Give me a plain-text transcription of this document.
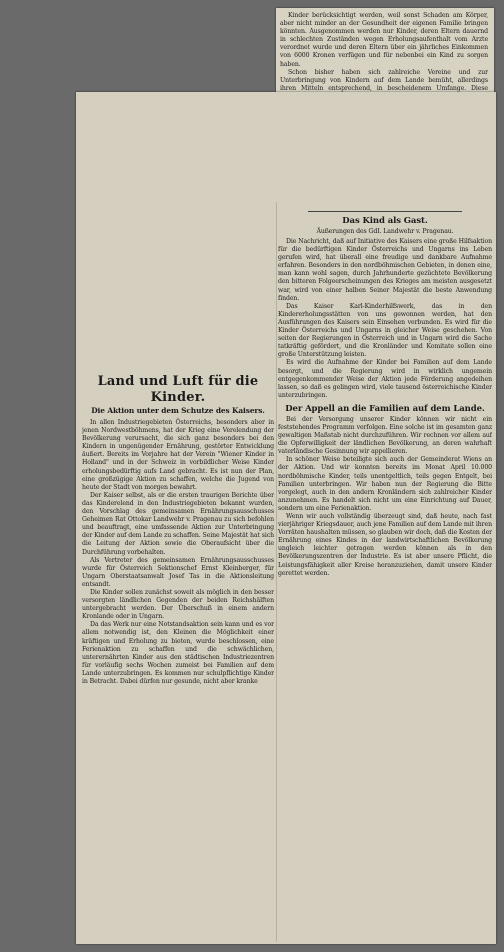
Kinder berücksichtigt werden, weil sonst Schaden am Körper, aber nicht minder an der Gesundheit der eigenen Familie bringen könnten. Ausgenommen werden nur Kinder, deren Eltern dauernd in schlechten Zuständen wegen Erholungsaufenthalt vom Arzte verordnet wurde und deren Eltern über ein jährliches Einkommen von 6000 Kronen verfügen und für nebenbei ein Kind zu sorgen haben.

Schon bisher haben sich zahlreiche Vereine und zur Unterbringung von Kindern auf dem Lande bemüht, allerdings ihren Mitteln entsprechend, in bescheidenem Umfange. Diese

Land und Luft für die Kinder.
Die Aktion unter dem Schutze des Kaisers.

In allen Industriegebieten Österreichs, besonders aber in jenen Nordwestböhmens, hat der Krieg eine Verelendung der Bevölkerung verursacht, die sich ganz besonders bei den Kindern in ungenügender Ernährung, gestörter Entwicklung äußert. Bereits im Vorjahre hat der Verein "Wiener Kinder in Holland" und in der Schweiz in vorbildlicher Weise Kinder erholungsbedürftig aufs Land gebracht. Es ist nun der Plan, eine großzügige Aktion zu schaffen, welche die Jugend von heute der Stadt von morgen bewahrt.

Der Kaiser selbst, als er die ersten traurigen Berichte über das Kinderelend in den Industriegebieten bekannt wurden, den Vorschlag des gemeinsamen Ernährungsausschusses Geheimen Rat Ottokar Landwehr v. Pragenau zu sich befohlen und beauftragt, eine umfassende Aktion zur Unterbringung der Kinder auf dem Lande zu schaffen. Seine Majestät hat sich die Leitung der Aktion sowie die Oberaufsicht über die Durchführung vorbehalten.

Als Vertreter des gemeinsamen Ernährungsausschusses wurde für Österreich Sektionschef Ernst Kleinberger, für Ungarn Oberstaatsanwalt Josef Tas in die Aktionsleitung entsandt.

Die Kinder sollen zunächst soweit als möglich in den besser versorgten ländlichen Gegenden der beiden Reichshälften untergebracht werden. Der Überschuß in einem andern Kronlande oder in Ungarn.

Da das Werk nur eine Notstandsaktion sein kann und es vor allem notwendig ist, den Kleinen die Möglichkeit einer kräftigen und Erholung zu bieten, wurde beschlossen, eine Ferienaktion zu schaffen und die schwächlichen, unterernährten Kinder aus den städtischen Industriezentren für vorläufig sechs Wochen zumeist bei Familien auf dem Lande unterzubringen. Es kommen nur schulpflichtige Kinder in Betracht. Dabei dürfen nur gesunde, nicht aber kranke

Das Kind als Gast.
Äußerungen des GdI. Landwehr v. Pragenau.

Die Nachricht, daß auf Initiative des Kaisers eine große Hilfsaktion für die bedürftigen Kinder Österreichs und Ungarns ins Leben gerufen wird, hat überall eine freudige und dankbare Aufnahme erfahren. Besonders in den nordböhmischen Gebieten, in denen eine, man kann wohl sagen, durch Jahrhunderte gezüchtete Bevölkerung den bitteren Folgeerscheinungen des Krieges am meisten ausgesetzt war, wird von einer halben Seiner Majestät die beste Anwendung finden.

Das Kaiser Karl-Kinderhilfswerk, das in den Kindererholungsstätten von uns gewonnen werden, hat den Ausführungen des Kaisers sein Einsehen verbunden. Es wird für die Kinder Österreichs und Ungarns in gleicher Weise geschehen. Von seiten der Regierungen in Österreich und in Ungarn wird die Sache tatkräftig gefördert, und die Kronländer und Komitate sollen eine große Unterstützung leisten.

Es wird die Aufnahme der Kinder bei Familien auf dem Lande besorgt, und die Regierung wird in wirklich ungemein entgegenkommender Weise der Aktion jede Förderung angedeihen lassen, so daß es gelingen wird, viele tausend österreichische Kinder unterzubringen.

Der Appell an die Familien auf dem Lande.

Bei der Versorgung unserer Kinder können wir nicht ein feststehendes Programm verfolgen. Eine solche ist im gesamten ganz gewaltigen Maßstab nicht durchzuführen. Wir rechnen vor allem auf die Opferwilligkeit der ländlichen Bevölkerung, an deren wahrhaft vaterländische Gesinnung wir appellieren.

In schöner Weise beteiligte sich auch der Gemeinderat Wiens an der Aktion. Und wir konnten bereits im Monat April 10.000 nordböhmische Kinder, teils unentgeltlich, teils gegen Entgelt, bei Familien unterbringen. Wir haben nun der Regierung die Bitte vorgelegt, auch in den andern Kronländern sich zahlreicher Kinder anzunehmen. Es handelt sich nicht um eine Einrichtung auf Dauer, sondern um eine Ferienaktion.

Wenn wir auch vollständig überzeugt sind, daß heute, nach fast vierjähriger Kriegsdauer, auch jene Familien auf dem Lande mit ihren Vorräten haushalten müssen, so glauben wir doch, daß die Kosten der Ernährung eines Kindes in der landwirtschaftlichen Bevölkerung ungleich leichter getragen werden können als in den Bevölkerungszentren der Industrie. Es ist aber unsere Pflicht, die Leistungsfähigkeit aller Kreise heranzuziehen, damit unsere Kinder gerettet werden.
